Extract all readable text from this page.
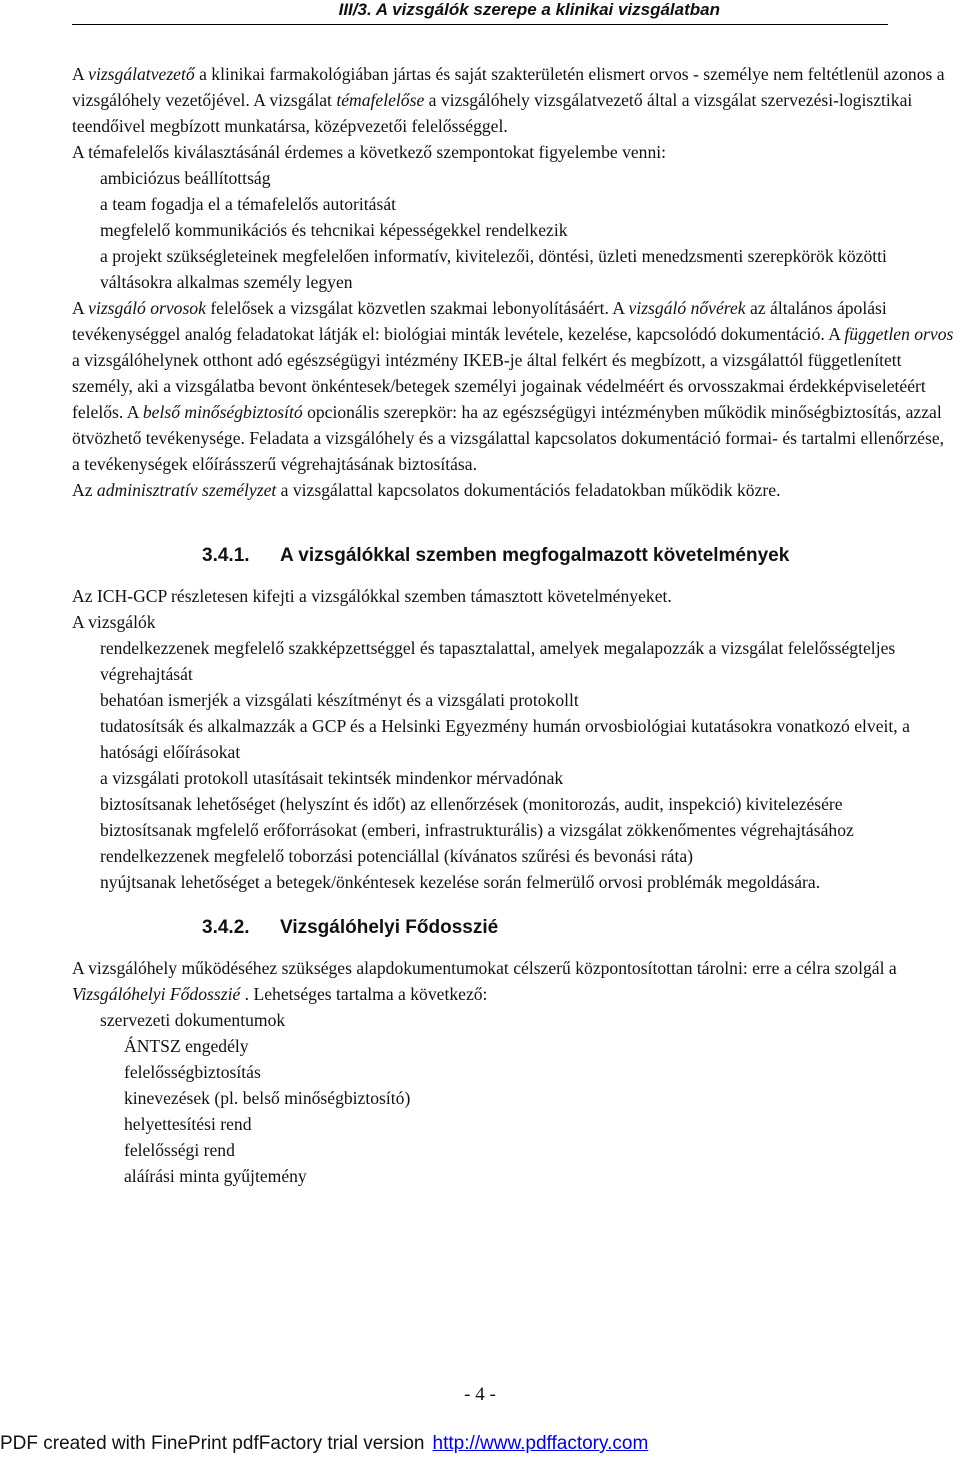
III/3. A vizsgálók szerepe a klinikai vizsgálatban

A vizsgálatvezető a klinikai farmakológiában jártas és saját szakterületén elismert orvos - személye nem feltétlenül azonos a vizsgálóhely vezetőjével. A vizsgálat témafelelőse a vizsgálóhely vizsgálatvezető által a vizsgálat szervezési-logisztikai teendőivel megbízott munkatársa, középvezetői felelősséggel.

A témafelelős kiválasztásánál érdemes a következő szempontokat figyelembe venni:

ambiciózus beállítottság

a team fogadja el a témafelelős autoritását

megfelelő kommunikációs és tehcnikai képességekkel rendelkezik

a projekt szükségleteinek megfelelően informatív, kivitelezői, döntési, üzleti menedzsmenti szerepkörök közötti váltásokra alkalmas személy legyen

A vizsgáló orvosok felelősek a vizsgálat közvetlen szakmai lebonyolításáért. A vizsgáló nővérek az általános ápolási tevékenységgel analóg feladatokat látják el: biológiai minták levétele, kezelése, kapcsolódó dokumentáció. A független orvos a vizsgálóhelynek otthont adó egészségügyi intézmény IKEB-je által felkért és megbízott, a vizsgálattól függetlenített személy, aki a vizsgálatba bevont önkéntesek/betegek személyi jogainak védelméért és orvosszakmai érdekképviseletéért felelős. A belső minőségbiztosító opcionális szerepkör: ha az egészségügyi intézményben működik minőségbiztosítás, azzal ötvözhető tevékenysége. Feladata a vizsgálóhely és a vizsgálattal kapcsolatos dokumentáció formai- és tartalmi ellenőrzése, a tevékenységek előírásszerű végrehajtásának biztosítása.

Az adminisztratív személyzet a vizsgálattal kapcsolatos dokumentációs feladatokban működik közre.

3.4.1. A vizsgálókkal szemben megfogalmazott követelmények

Az ICH-GCP részletesen kifejti a vizsgálókkal szemben támasztott követelményeket.

A vizsgálók

rendelkezzenek megfelelő szakképzettséggel és tapasztalattal, amelyek megalapozzák a vizsgálat felelősségteljes végrehajtását

behatóan ismerjék a vizsgálati készítményt és a vizsgálati protokollt

tudatosítsák és alkalmazzák a GCP és a Helsinki Egyezmény humán orvosbiológiai kutatásokra vonatkozó elveit, a hatósági előírásokat

a vizsgálati protokoll utasításait tekintsék mindenkor mérvadónak

biztosítsanak lehetőséget (helyszínt és időt) az ellenőrzések (monitorozás, audit, inspekció) kivitelezésére

biztosítsanak mgfelelő erőforrásokat (emberi, infrastrukturális) a vizsgálat zökkenőmentes végrehajtásához

rendelkezzenek megfelelő toborzási potenciállal (kívánatos szűrési és bevonási ráta)

nyújtsanak lehetőséget a betegek/önkéntesek kezelése során felmerülő orvosi problémák megoldására.

3.4.2. Vizsgálóhelyi Fődosszié

A vizsgálóhely működéséhez szükséges alapdokumentumokat célszerű központosítottan tárolni: erre a célra szolgál a Vizsgálóhelyi Fődosszié . Lehetséges tartalma a következő:

szervezeti dokumentumok

ÁNTSZ engedély

felelősségbiztosítás

kinevezések (pl. belső minőségbiztosító)

helyettesítési rend

felelősségi rend

aláírási minta gyűjtemény

- 4 -
PDF created with FinePrint pdfFactory trial version http://www.pdffactory.com
